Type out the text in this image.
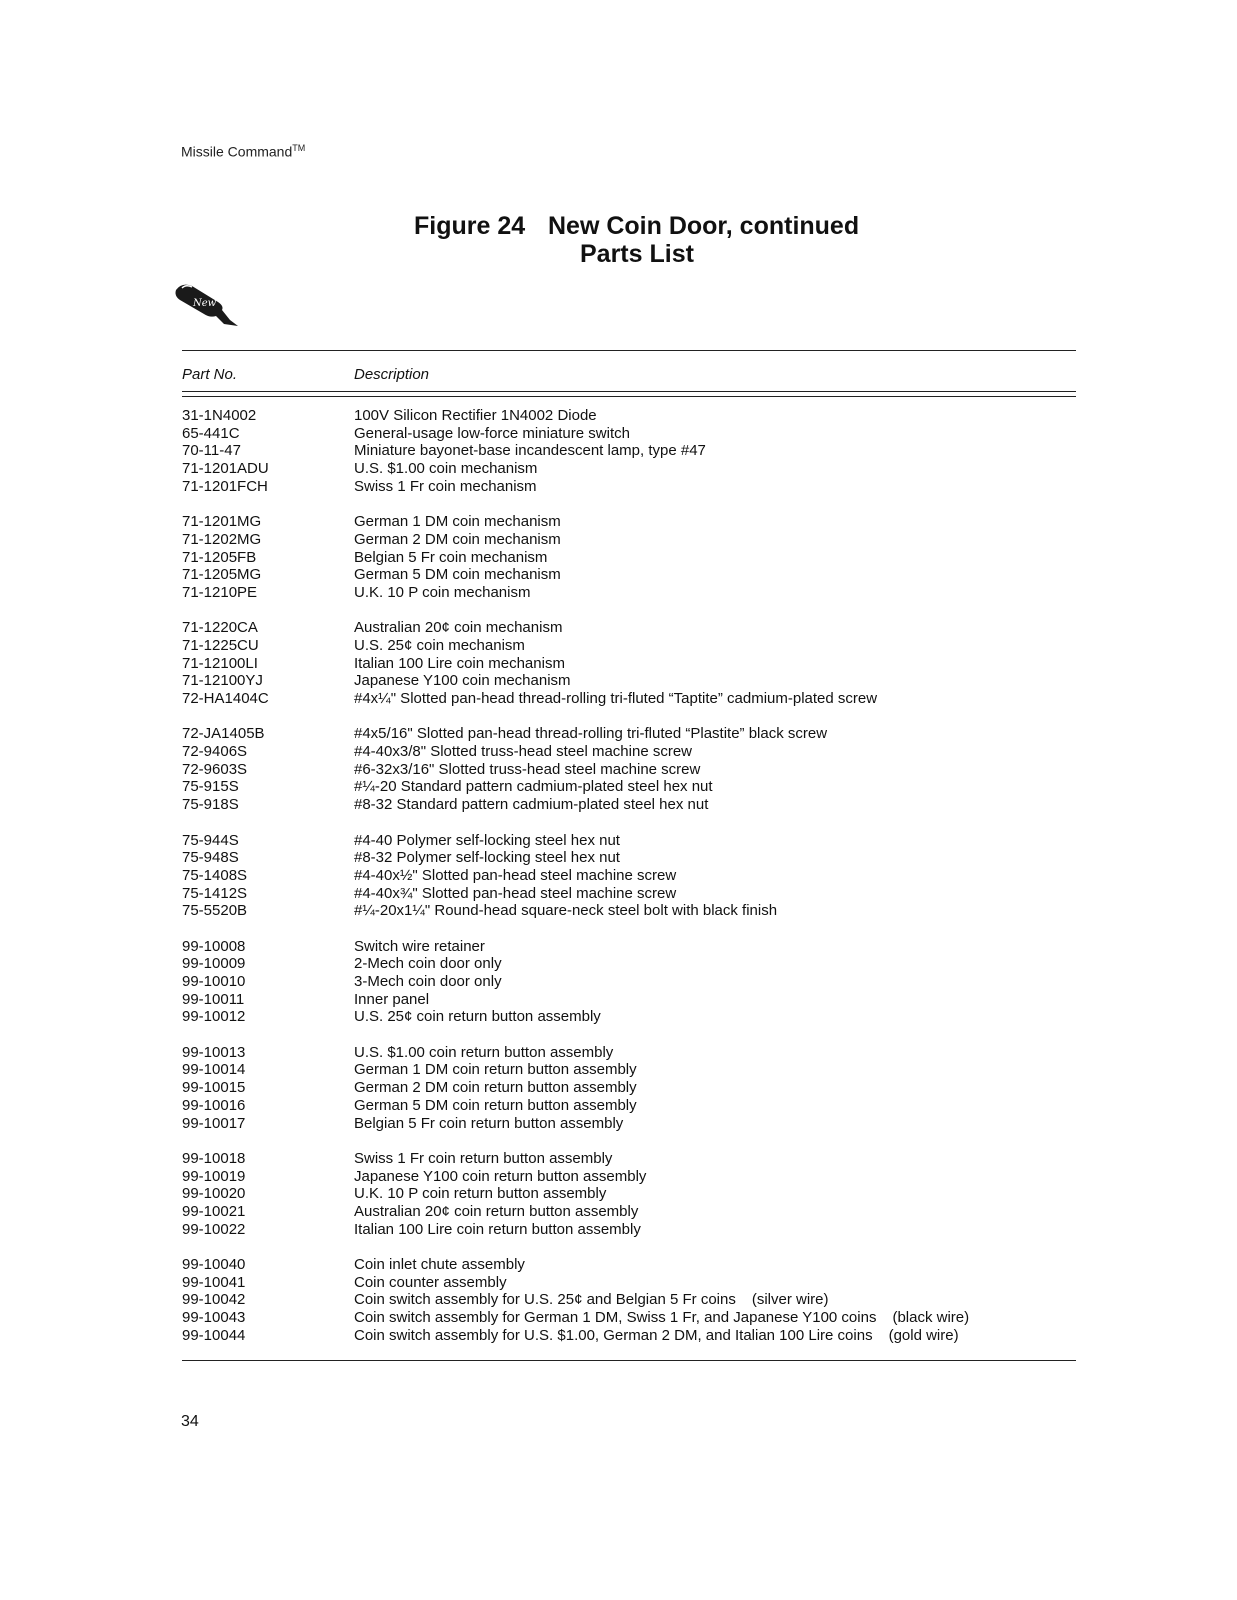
Missile Command™
Figure 24 New Coin Door, continued
Parts List
New
Part No.	Description
31-1N4002	100V Silicon Rectifier 1N4002 Diode
65-441C	General-usage low-force miniature switch
70-11-47	Miniature bayonet-base incandescent lamp, type #47
71-1201ADU	U.S. $1.00 coin mechanism
71-1201FCH	Swiss 1 Fr coin mechanism
71-1201MG	German 1 DM coin mechanism
71-1202MG	German 2 DM coin mechanism
71-1205FB	Belgian 5 Fr coin mechanism
71-1205MG	German 5 DM coin mechanism
71-1210PE	U.K. 10 P coin mechanism
71-1220CA	Australian 20¢ coin mechanism
71-1225CU	U.S. 25¢ coin mechanism
71-12100LI	Italian 100 Lire coin mechanism
71-12100YJ	Japanese Y100 coin mechanism
72-HA1404C	#4x¼" Slotted pan-head thread-rolling tri-fluted “Taptite” cadmium-plated screw
72-JA1405B	#4x5/16" Slotted pan-head thread-rolling tri-fluted “Plastite” black screw
72-9406S	#4-40x3/8" Slotted truss-head steel machine screw
72-9603S	#6-32x3/16" Slotted truss-head steel machine screw
75-915S	#¼-20 Standard pattern cadmium-plated steel hex nut
75-918S	#8-32 Standard pattern cadmium-plated steel hex nut
75-944S	#4-40 Polymer self-locking steel hex nut
75-948S	#8-32 Polymer self-locking steel hex nut
75-1408S	#4-40x½" Slotted pan-head steel machine screw
75-1412S	#4-40x¾" Slotted pan-head steel machine screw
75-5520B	#¼-20x1¼" Round-head square-neck steel bolt with black finish
99-10008	Switch wire retainer
99-10009	2-Mech coin door only
99-10010	3-Mech coin door only
99-10011	Inner panel
99-10012	U.S. 25¢ coin return button assembly
99-10013	U.S. $1.00 coin return button assembly
99-10014	German 1 DM coin return button assembly
99-10015	German 2 DM coin return button assembly
99-10016	German 5 DM coin return button assembly
99-10017	Belgian 5 Fr coin return button assembly
99-10018	Swiss 1 Fr coin return button assembly
99-10019	Japanese Y100 coin return button assembly
99-10020	U.K. 10 P coin return button assembly
99-10021	Australian 20¢ coin return button assembly
99-10022	Italian 100 Lire coin return button assembly
99-10040	Coin inlet chute assembly
99-10041	Coin counter assembly
99-10042	Coin switch assembly for U.S. 25¢ and Belgian 5 Fr coins (silver wire)
99-10043	Coin switch assembly for German 1 DM, Swiss 1 Fr, and Japanese Y100 coins (black wire)
99-10044	Coin switch assembly for U.S. $1.00, German 2 DM, and Italian 100 Lire coins (gold wire)
34
